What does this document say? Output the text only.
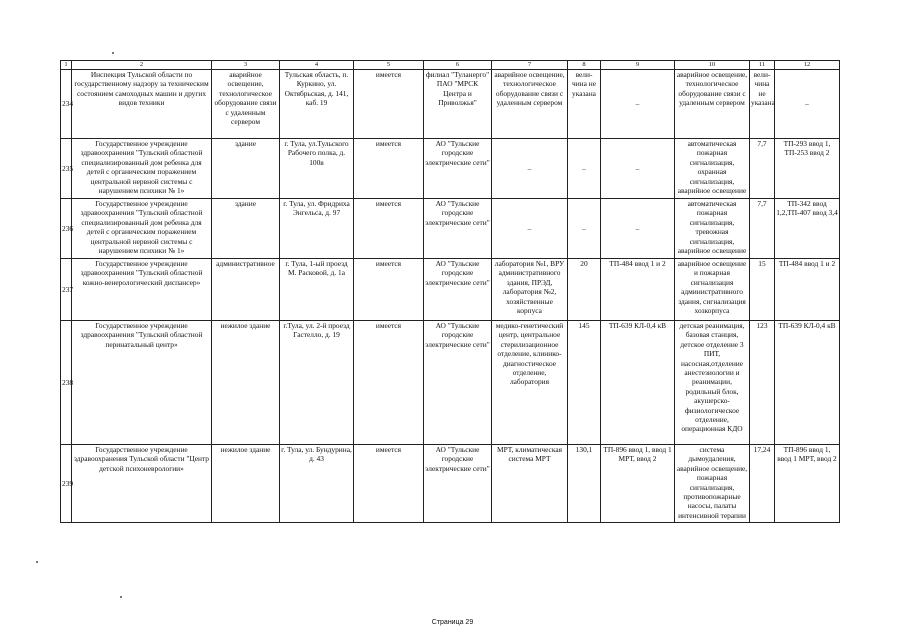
1	2	3	4	5	6	7	8	9	10	11	12
234	Инспекция Тульской области по государственному надзору за техническим состоянием самоходных машин и других видов техники	аварийное освещение, технологическое оборудование связи с удаленным сервером	Тульская область, п. Куркино, ул. Октябрьская, д. 141, каб. 19	имеется	филиал "Туланерго" ПАО "МРСК Центра и Приволжья"	аварийное освещение, технологическое оборудование связи с удаленным сервером	вели- чина не указана	–	аварийное освещение, технологическое оборудование связи с удаленным сервером	вели- чина не указана	–
235	Государственное учреждение здравоохранения "Тульский областной специализированный дом ребенка для детей с органическим поражением центральной нервной системы с нарушением психики № 1»	здание	г. Тула, ул.Тульского Рабочего полка, д. 100в	имеется	АО "Тульские городские электрические сети"	–	–	–	автоматическая пожарная сигнализация, охранная сигнализация, аварийное освещение	7,7	ТП-293 ввод 1, ТП-253 ввод 2
236	Государственное учреждение здравоохранения "Тульский областной специализированный дом ребенка для детей с органическим поражением центральной нервной системы с нарушением психики № 1»	здание	г. Тула, ул. Фридриха Энгельса, д. 97	имеется	АО "Тульские городские электрические сети"	–	–	–	автоматическая пожарная сигнализация, тревожная сигнализация, аварийное освещение	7,7	ТП-342 ввод 1,2,ТП-407 ввод 3,4
237	Государственное учреждение здравоохранения "Тульский областной кожно-венерологический диспансер»	административное	г. Тула, 1-ый проезд М. Расковой, д. 1а	имеется	АО "Тульские городские электрические сети"	лаборатория №1, ВРУ административного здания, ПРЭД, лаборатория №2, хозяйственные корпуса	20	ТП-484 ввод 1 и 2	аварийное освещение и пожарная сигнализация административного здания, сигнализация хозкорпуса	15	ТП-484 ввод 1 и 2
238	Государственное учреждение здравоохранения "Тульский областной перинатальный центр»	нежилое здание	г.Тула, ул. 2-й проезд Гастелло, д. 19	имеется	АО "Тульские городские электрические сети"	медико-генетический центр, центральное стерилизационное отделение, клинико-диагностическое отделение, лаборатория	145	ТП-639 КЛ-0,4 кВ	детская реанимация, базовая станция, детское отделение 3 ПИТ, насосная,отделение анестезиологии и реанимации, родильный блок, акушерско-физиологическое отделение, операционная КДО	123	ТП-639 КЛ-0,4 кВ
239	Государственное учреждение здравоохранения Тульской области "Центр детской психоневрологии»	нежилое здание	г. Тула, ул. Бундурина, д. 43	имеется	АО "Тульские городские электрические сети"	МРТ, климатическая система МРТ	130,1	ТП-896 ввод 1, ввод 1 МРТ, ввод 2	система дымоудаления, аварийное освещение, пожарная сигнализация, противопожарные насосы, палаты интенсивной терапии	17,24	ТП-896 ввод 1, ввод 1 МРТ, ввод 2
Страница 29
